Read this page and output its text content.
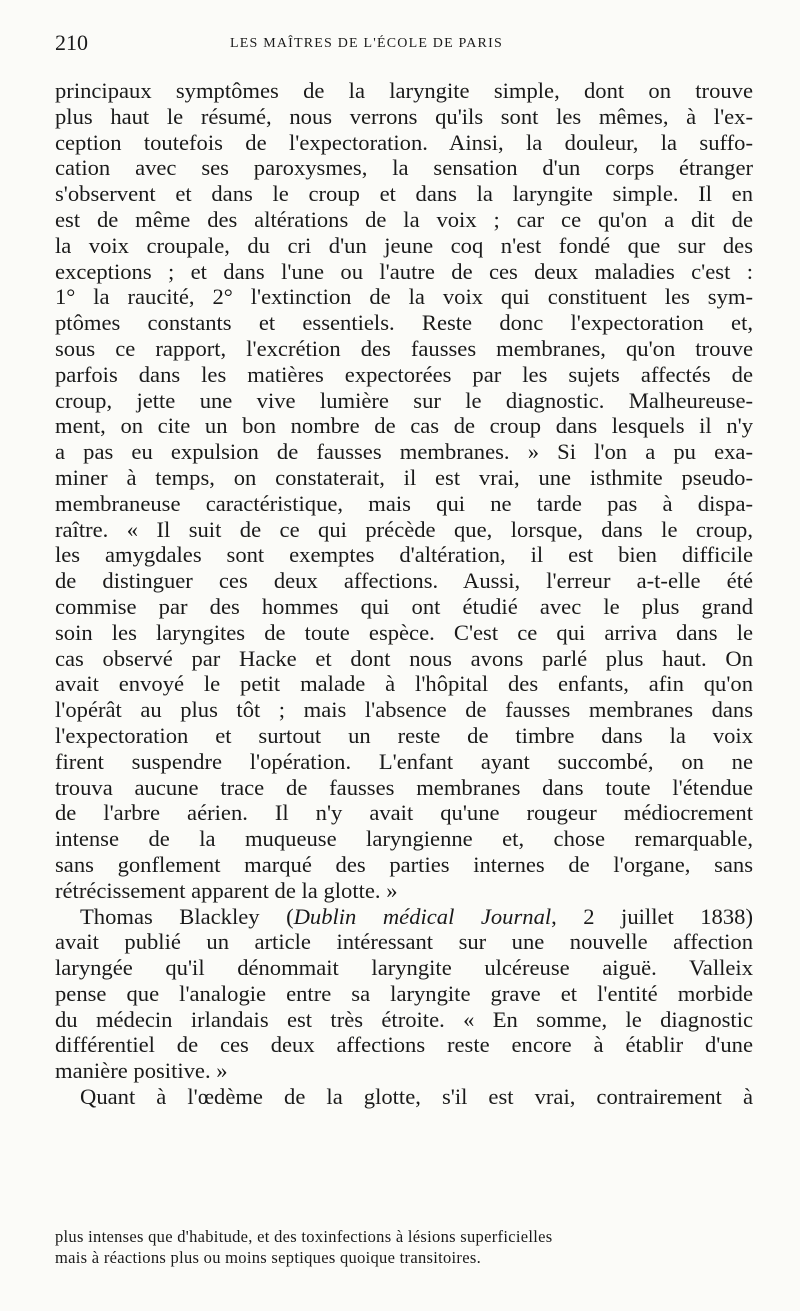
210	LES MAÎTRES DE L'ÉCOLE DE PARIS

principaux symptômes de la laryngite simple, dont on trouve

plus haut le résumé, nous verrons qu'ils sont les mêmes, à l'ex-

ception toutefois de l'expectoration. Ainsi, la douleur, la suffo-

cation avec ses paroxysmes, la sensation d'un corps étranger

s'observent et dans le croup et dans la laryngite simple. Il en

est de même des altérations de la voix ; car ce qu'on a dit de

la voix croupale, du cri d'un jeune coq n'est fondé que sur des

exceptions ; et dans l'une ou l'autre de ces deux maladies c'est :

1° la raucité, 2° l'extinction de la voix qui constituent les sym-

ptômes constants et essentiels. Reste donc l'expectoration et,

sous ce rapport, l'excrétion des fausses membranes, qu'on trouve

parfois dans les matières expectorées par les sujets affectés de

croup, jette une vive lumière sur le diagnostic. Malheureuse-

ment, on cite un bon nombre de cas de croup dans lesquels il n'y

a pas eu expulsion de fausses membranes. » Si l'on a pu exa-

miner à temps, on constaterait, il est vrai, une isthmite pseudo-

membraneuse caractéristique, mais qui ne tarde pas à dispa-

raître. « Il suit de ce qui précède que, lorsque, dans le croup,

les amygdales sont exemptes d'altération, il est bien difficile

de distinguer ces deux affections. Aussi, l'erreur a-t-elle été

commise par des hommes qui ont étudié avec le plus grand

soin les laryngites de toute espèce. C'est ce qui arriva dans le

cas observé par Hacke et dont nous avons parlé plus haut. On

avait envoyé le petit malade à l'hôpital des enfants, afin qu'on

l'opérât au plus tôt ; mais l'absence de fausses membranes dans

l'expectoration et surtout un reste de timbre dans la voix

firent suspendre l'opération. L'enfant ayant succombé, on ne

trouva aucune trace de fausses membranes dans toute l'étendue

de l'arbre aérien. Il n'y avait qu'une rougeur médiocrement

intense de la muqueuse laryngienne et, chose remarquable,

sans gonflement marqué des parties internes de l'organe, sans

rétrécissement apparent de la glotte. »

Thomas Blackley (Dublin médical Journal, 2 juillet 1838)

avait publié un article intéressant sur une nouvelle affection

laryngée qu'il dénommait laryngite ulcéreuse aiguë. Valleix

pense que l'analogie entre sa laryngite grave et l'entité morbide

du médecin irlandais est très étroite. « En somme, le diagnostic

différentiel de ces deux affections reste encore à établir d'une

manière positive. »

Quant à l'œdème de la glotte, s'il est vrai, contrairement à

plus intenses que d'habitude, et des toxinfections à lésions superficielles
mais à réactions plus ou moins septiques quoique transitoires.
